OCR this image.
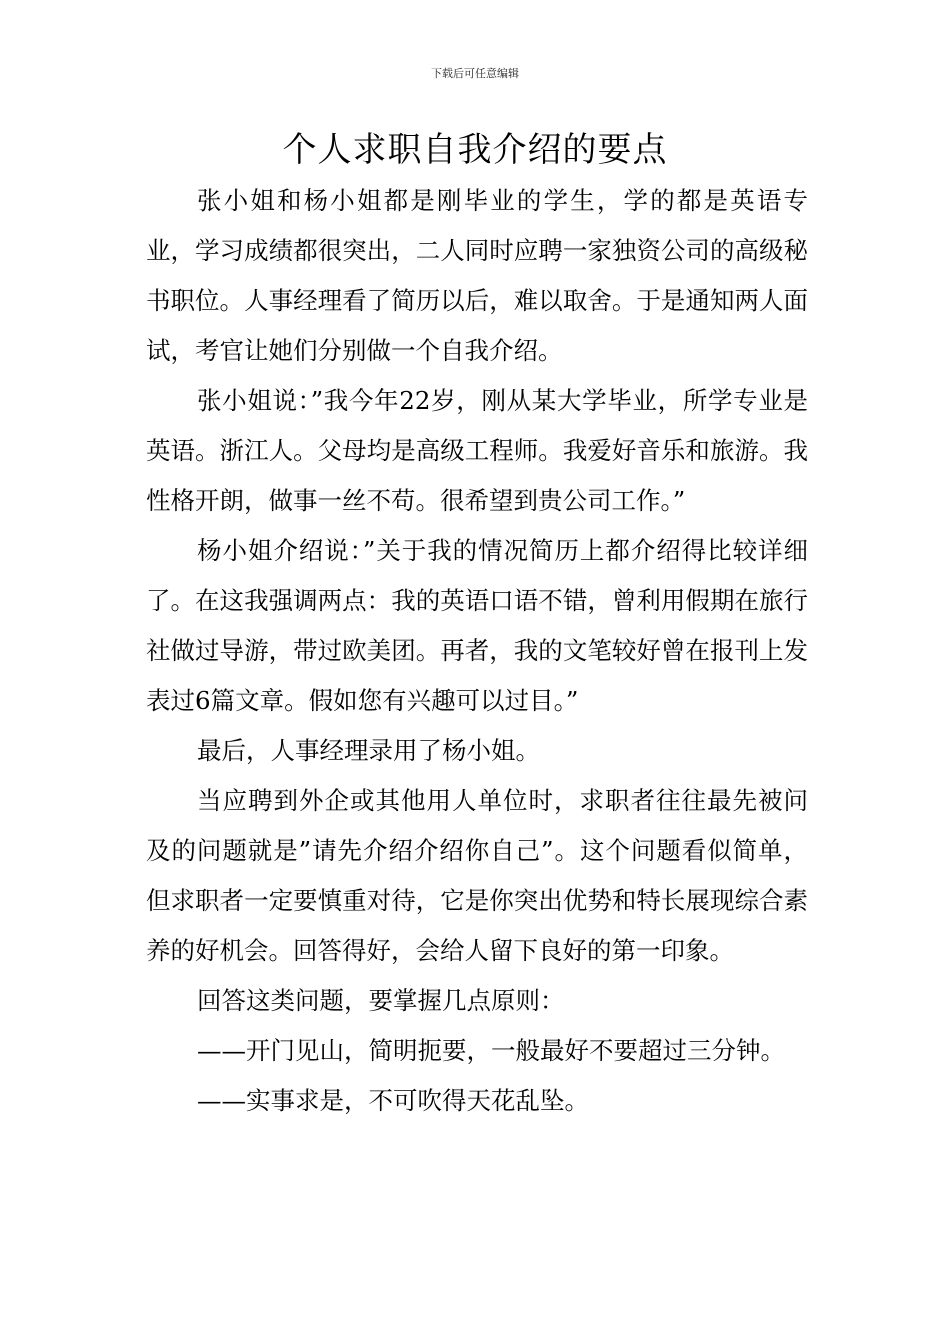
下载后可任意编辑
个人求职自我介绍的要点

张小姐和杨小姐都是刚毕业的学生，学的都是英语专业，学习成绩都很突出，二人同时应聘一家独资公司的高级秘书职位。人事经理看了简历以后，难以取舍。于是通知两人面试，考官让她们分别做一个自我介绍。

张小姐说：”我今年22岁，刚从某大学毕业，所学专业是英语。浙江人。父母均是高级工程师。我爱好音乐和旅游。我性格开朗，做事一丝不苟。很希望到贵公司工作。”

杨小姐介绍说：”关于我的情况简历上都介绍得比较详细了。在这我强调两点：我的英语口语不错，曾利用假期在旅行社做过导游，带过欧美团。再者，我的文笔较好曾在报刊上发表过6篇文章。假如您有兴趣可以过目。”

最后，人事经理录用了杨小姐。

当应聘到外企或其他用人单位时，求职者往往最先被问及的问题就是”请先介绍介绍你自己”。这个问题看似简单，但求职者一定要慎重对待，它是你突出优势和特长展现综合素养的好机会。回答得好，会给人留下良好的第一印象。

回答这类问题，要掌握几点原则：

——开门见山，简明扼要，一般最好不要超过三分钟。

——实事求是，不可吹得天花乱坠。
